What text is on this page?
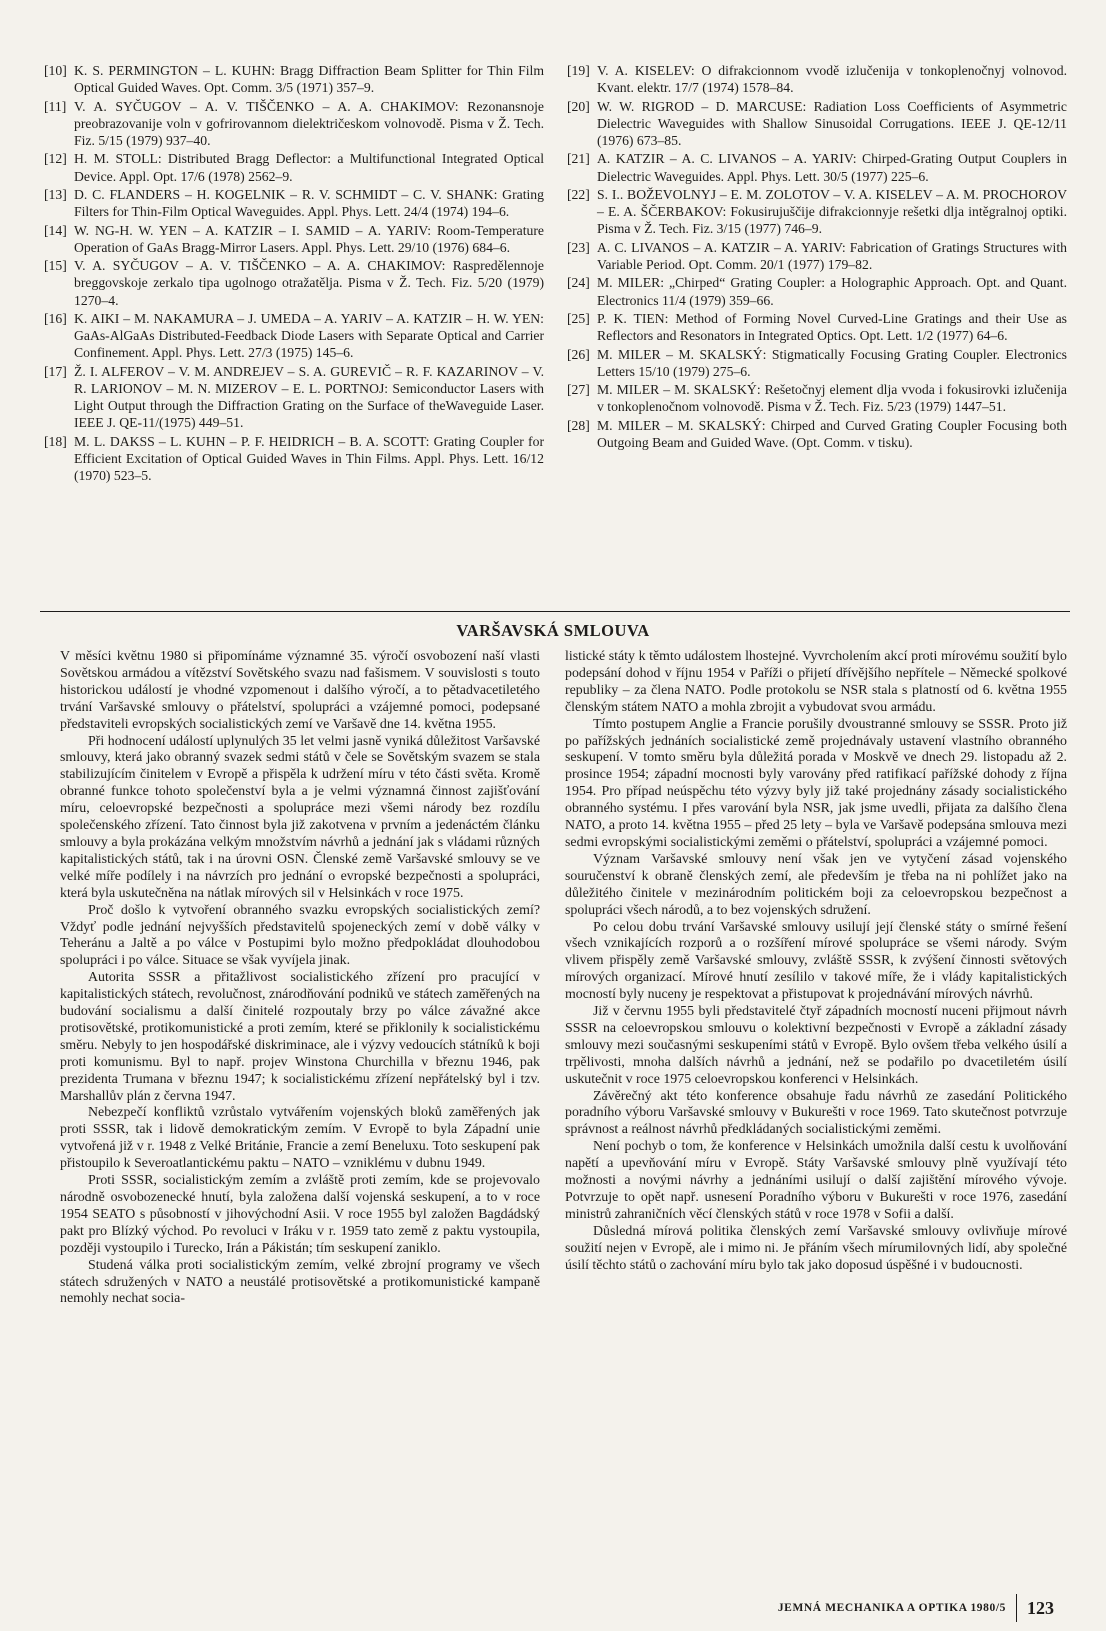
[10] K. S. PERMINGTON – L. KUHN: Bragg Diffraction Beam Splitter for Thin Film Optical Guided Waves. Opt. Comm. 3/5 (1971) 357–9.
[11] V. A. SYČUGOV – A. V. TIŠČENKO – A. A. CHAKIMOV: Rezonansnoje preobrazovanije voln v gofrirovannom dielektričeskom volnovodě. Pisma v Ž. Tech. Fiz. 5/15 (1979) 937–40.
[12] H. M. STOLL: Distributed Bragg Deflector: a Multifunctional Integrated Optical Device. Appl. Opt. 17/6 (1978) 2562–9.
[13] D. C. FLANDERS – H. KOGELNIK – R. V. SCHMIDT – C. V. SHANK: Grating Filters for Thin-Film Optical Waveguides. Appl. Phys. Lett. 24/4 (1974) 194–6.
[14] W. NG-H. W. YEN – A. KATZIR – I. SAMID – A. YARIV: Room-Temperature Operation of GaAs Bragg-Mirror Lasers. Appl. Phys. Lett. 29/10 (1976) 684–6.
[15] V. A. SYČUGOV – A. V. TIŠČENKO – A. A. CHAKIMOV: Raspredělennoje breggovskoje zerkalo tipa ugolnogo otražatělja. Pisma v Ž. Tech. Fiz. 5/20 (1979) 1270–4.
[16] K. AIKI – M. NAKAMURA – J. UMEDA – A. YARIV – A. KATZIR – H. W. YEN: GaAs-AlGaAs Distributed-Feedback Diode Lasers with Separate Optical and Carrier Confinement. Appl. Phys. Lett. 27/3 (1975) 145–6.
[17] Ž. I. ALFEROV – V. M. ANDREJEV – S. A. GUREVIČ – R. F. KAZARINOV – V. R. LARIONOV – M. N. MIZEROV – E. L. PORTNOJ: Semiconductor Lasers with Light Output through the Diffraction Grating on the Surface of theWaveguide Laser. IEEE J. QE-11/(1975) 449–51.
[18] M. L. DAKSS – L. KUHN – P. F. HEIDRICH – B. A. SCOTT: Grating Coupler for Efficient Excitation of Optical Guided Waves in Thin Films. Appl. Phys. Lett. 16/12 (1970) 523–5.
[19] V. A. KISELEV: O difrakcionnom vvodě izlučenija v tonkoplenočnyj volnovod. Kvant. elektr. 17/7 (1974) 1578–84.
[20] W. W. RIGROD – D. MARCUSE: Radiation Loss Coefficients of Asymmetric Dielectric Waveguides with Shallow Sinusoidal Corrugations. IEEE J. QE-12/11 (1976) 673–85.
[21] A. KATZIR – A. C. LIVANOS – A. YARIV: Chirped-Grating Output Couplers in Dielectric Waveguides. Appl. Phys. Lett. 30/5 (1977) 225–6.
[22] S. I.. BOŽEVOLNYJ – E. M. ZOLOTOV – V. A. KISELEV – A. M. PROCHOROV – E. A. ŠČERBAKOV: Fokusirujuščije difrakcionnyje rešetki dlja intěgralnoj optiki. Pisma v Ž. Tech. Fiz. 3/15 (1977) 746–9.
[23] A. C. LIVANOS – A. KATZIR – A. YARIV: Fabrication of Gratings Structures with Variable Period. Opt. Comm. 20/1 (1977) 179–82.
[24] M. MILER: „Chirped“ Grating Coupler: a Holographic Approach. Opt. and Quant. Electronics 11/4 (1979) 359–66.
[25] P. K. TIEN: Method of Forming Novel Curved-Line Gratings and their Use as Reflectors and Resonators in Integrated Optics. Opt. Lett. 1/2 (1977) 64–6.
[26] M. MILER – M. SKALSKÝ: Stigmatically Focusing Grating Coupler. Electronics Letters 15/10 (1979) 275–6.
[27] M. MILER – M. SKALSKÝ: Rešetočnyj element dlja vvoda i fokusirovki izlučenija v tonkoplenočnom volnovodě. Pisma v Ž. Tech. Fiz. 5/23 (1979) 1447–51.
[28] M. MILER – M. SKALSKÝ: Chirped and Curved Grating Coupler Focusing both Outgoing Beam and Guided Wave. (Opt. Comm. v tisku).
VARŠAVSKÁ SMLOUVA

V měsíci květnu 1980 si připomínáme významné 35. výročí osvobození naší vlasti Sovětskou armádou a vítězství Sovětského svazu nad fašismem. V souvislosti s touto historickou událostí je vhodné vzpomenout i dalšího výročí, a to pětadvacetiletého trvání Varšavské smlouvy o přátelství, spolupráci a vzájemné pomoci, podepsané představiteli evropských socialistických zemí ve Varšavě dne 14. května 1955.

Při hodnocení událostí uplynulých 35 let velmi jasně vyniká důležitost Varšavské smlouvy, která jako obranný svazek sedmi států v čele se Sovětským svazem se stala stabilizujícím činitelem v Evropě a přispěla k udržení míru v této části světa. Kromě obranné funkce tohoto společenství byla a je velmi významná činnost zajišťování míru, celoevropské bezpečnosti a spolupráce mezi všemi národy bez rozdílu společenského zřízení. Tato činnost byla již zakotvena v prvním a jedenáctém článku smlouvy a byla prokázána velkým množstvím návrhů a jednání jak s vládami různých kapitalistických států, tak i na úrovni OSN. Členské země Varšavské smlouvy se ve velké míře podílely i na návrzích pro jednání o evropské bezpečnosti a spolupráci, která byla uskutečněna na nátlak mírových sil v Helsinkách v roce 1975.

Proč došlo k vytvoření obranného svazku evropských socialistických zemí? Vždyť podle jednání nejvyšších představitelů spojeneckých zemí v době války v Teheránu a Jaltě a po válce v Postupimi bylo možno předpokládat dlouhodobou spolupráci i po válce. Situace se však vyvíjela jinak.

Autorita SSSR a přitažlivost socialistického zřízení pro pracující v kapitalistických státech, revolučnost, znárodňování podniků ve státech zaměřených na budování socialismu a další činitelé rozpoutaly brzy po válce závažné akce protisovětské, protikomunistické a proti zemím, které se přiklonily k socialistickému směru. Nebyly to jen hospodářské diskriminace, ale i výzvy vedoucích státníků k boji proti komunismu. Byl to např. projev Winstona Churchilla v březnu 1946, pak prezidenta Trumana v březnu 1947; k socialistickému zřízení nepřátelský byl i tzv. Marshallův plán z června 1947.

Nebezpečí konfliktů vzrůstalo vytvářením vojenských bloků zaměřených jak proti SSSR, tak i lidově demokratickým zemím. V Evropě to byla Západní unie vytvořená již v r. 1948 z Velké Británie, Francie a zemí Beneluxu. Toto seskupení pak přistoupilo k Severoatlantickému paktu – NATO – vzniklému v dubnu 1949.

Proti SSSR, socialistickým zemím a zvláště proti zemím, kde se projevovalo národně osvobozenecké hnutí, byla založena další vojenská seskupení, a to v roce 1954 SEATO s působností v jihovýchodní Asii. V roce 1955 byl založen Bagdádský pakt pro Blízký východ. Po revoluci v Iráku v r. 1959 tato země z paktu vystoupila, později vystoupilo i Turecko, Irán a Pákistán; tím seskupení zaniklo.

Studená válka proti socialistickým zemím, velké zbrojní programy ve všech státech sdružených v NATO a neustálé protisovětské a protikomunistické kampaně nemohly nechat socia-

listické státy k těmto událostem lhostejné. Vyvrcholením akcí proti mírovému soužití bylo podepsání dohod v říjnu 1954 v Paříži o přijetí dřívějšího nepřítele – Německé spolkové republiky – za člena NATO. Podle protokolu se NSR stala s platností od 6. května 1955 členským státem NATO a mohla zbrojit a vybudovat svou armádu.

Tímto postupem Anglie a Francie porušily dvoustranné smlouvy se SSSR. Proto již po pařížských jednáních socialistické země projednávaly ustavení vlastního obranného seskupení. V tomto směru byla důležitá porada v Moskvě ve dnech 29. listopadu až 2. prosince 1954; západní mocnosti byly varovány před ratifikací pařížské dohody z října 1954. Pro případ neúspěchu této výzvy byly již také projednány zásady socialistického obranného systému. I přes varování byla NSR, jak jsme uvedli, přijata za dalšího člena NATO, a proto 14. května 1955 – před 25 lety – byla ve Varšavě podepsána smlouva mezi sedmi evropskými socialistickými zeměmi o přátelství, spolupráci a vzájemné pomoci.

Význam Varšavské smlouvy není však jen ve vytyčení zásad vojenského souručenství k obraně členských zemí, ale především je třeba na ni pohlížet jako na důležitého činitele v mezinárodním politickém boji za celoevropskou bezpečnost a spolupráci všech národů, a to bez vojenských sdružení.

Po celou dobu trvání Varšavské smlouvy usilují její členské státy o smírné řešení všech vznikajících rozporů a o rozšíření mírové spolupráce se všemi národy. Svým vlivem přispěly země Varšavské smlouvy, zvláště SSSR, k zvýšení činnosti světových mírových organizací. Mírové hnutí zesílilo v takové míře, že i vlády kapitalistických mocností byly nuceny je respektovat a přistupovat k projednávání mírových návrhů.

Již v červnu 1955 byli představitelé čtyř západních mocností nuceni přijmout návrh SSSR na celoevropskou smlouvu o kolektivní bezpečnosti v Evropě a základní zásady smlouvy mezi současnými seskupeními států v Evropě. Bylo ovšem třeba velkého úsilí a trpělivosti, mnoha dalších návrhů a jednání, než se podařilo po dvacetiletém úsilí uskutečnit v roce 1975 celoevropskou konferenci v Helsinkách.

Závěrečný akt této konference obsahuje řadu návrhů ze zasedání Politického poradního výboru Varšavské smlouvy v Bukurešti v roce 1969. Tato skutečnost potvrzuje správnost a reálnost návrhů předkládaných socialistickými zeměmi.

Není pochyb o tom, že konference v Helsinkách umožnila další cestu k uvolňování napětí a upevňování míru v Evropě. Státy Varšavské smlouvy plně využívají této možnosti a novými návrhy a jednáními usilují o další zajištění mírového vývoje. Potvrzuje to opět např. usnesení Poradního výboru v Bukurešti v roce 1976, zasedání ministrů zahraničních věcí členských států v roce 1978 v Sofii a další.

Důsledná mírová politika členských zemí Varšavské smlouvy ovlivňuje mírové soužití nejen v Evropě, ale i mimo ni. Je přáním všech mírumilovných lidí, aby společné úsilí těchto států o zachování míru bylo tak jako doposud úspěšné i v budoucnosti.

JEMNÁ MECHANIKA A OPTIKA 1980/5 123
